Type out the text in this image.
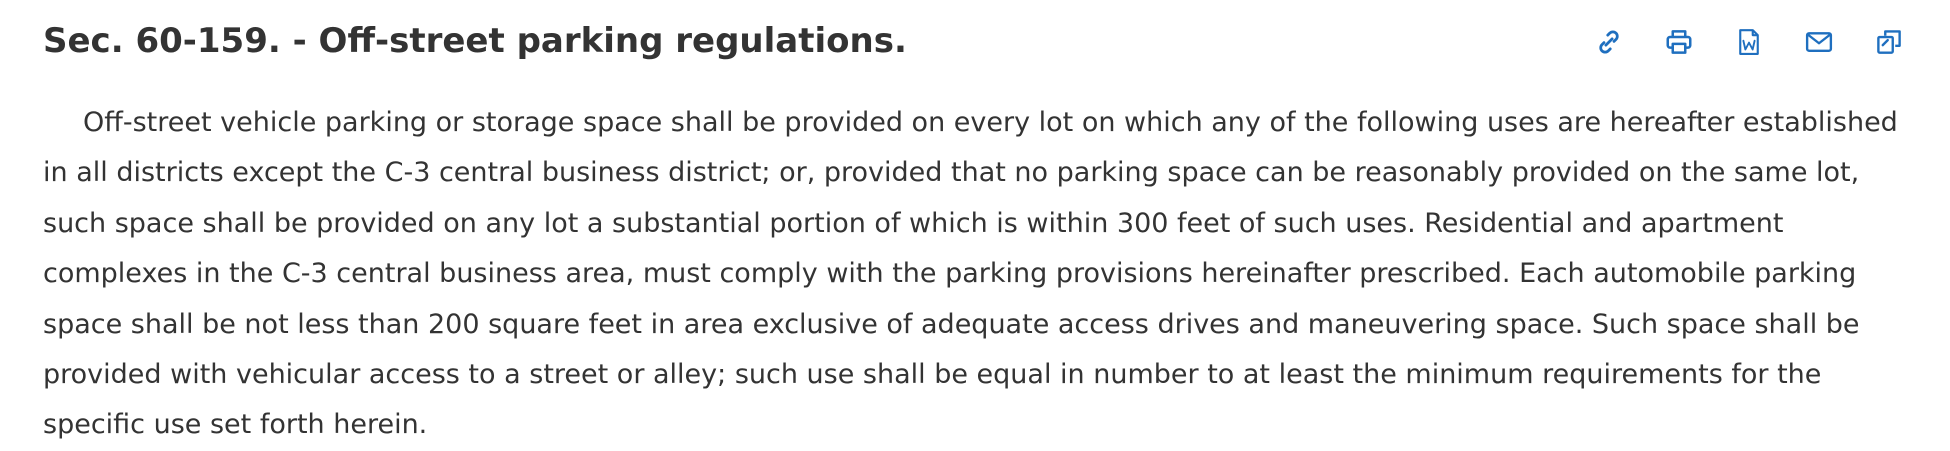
Sec. 60-159. - Off-street parking regulations.

Off-street vehicle parking or storage space shall be provided on every lot on which any of the following uses are hereafter established in all districts except the C-3 central business district; or, provided that no parking space can be reasonably provided on the same lot, such space shall be provided on any lot a substantial portion of which is within 300 feet of such uses. Residential and apartment complexes in the C-3 central business area, must comply with the parking provisions hereinafter prescribed. Each automobile parking space shall be not less than 200 square feet in area exclusive of adequate access drives and maneuvering space. Such space shall be provided with vehicular access to a street or alley; such use shall be equal in number to at least the minimum requirements for the specific use set forth herein.
